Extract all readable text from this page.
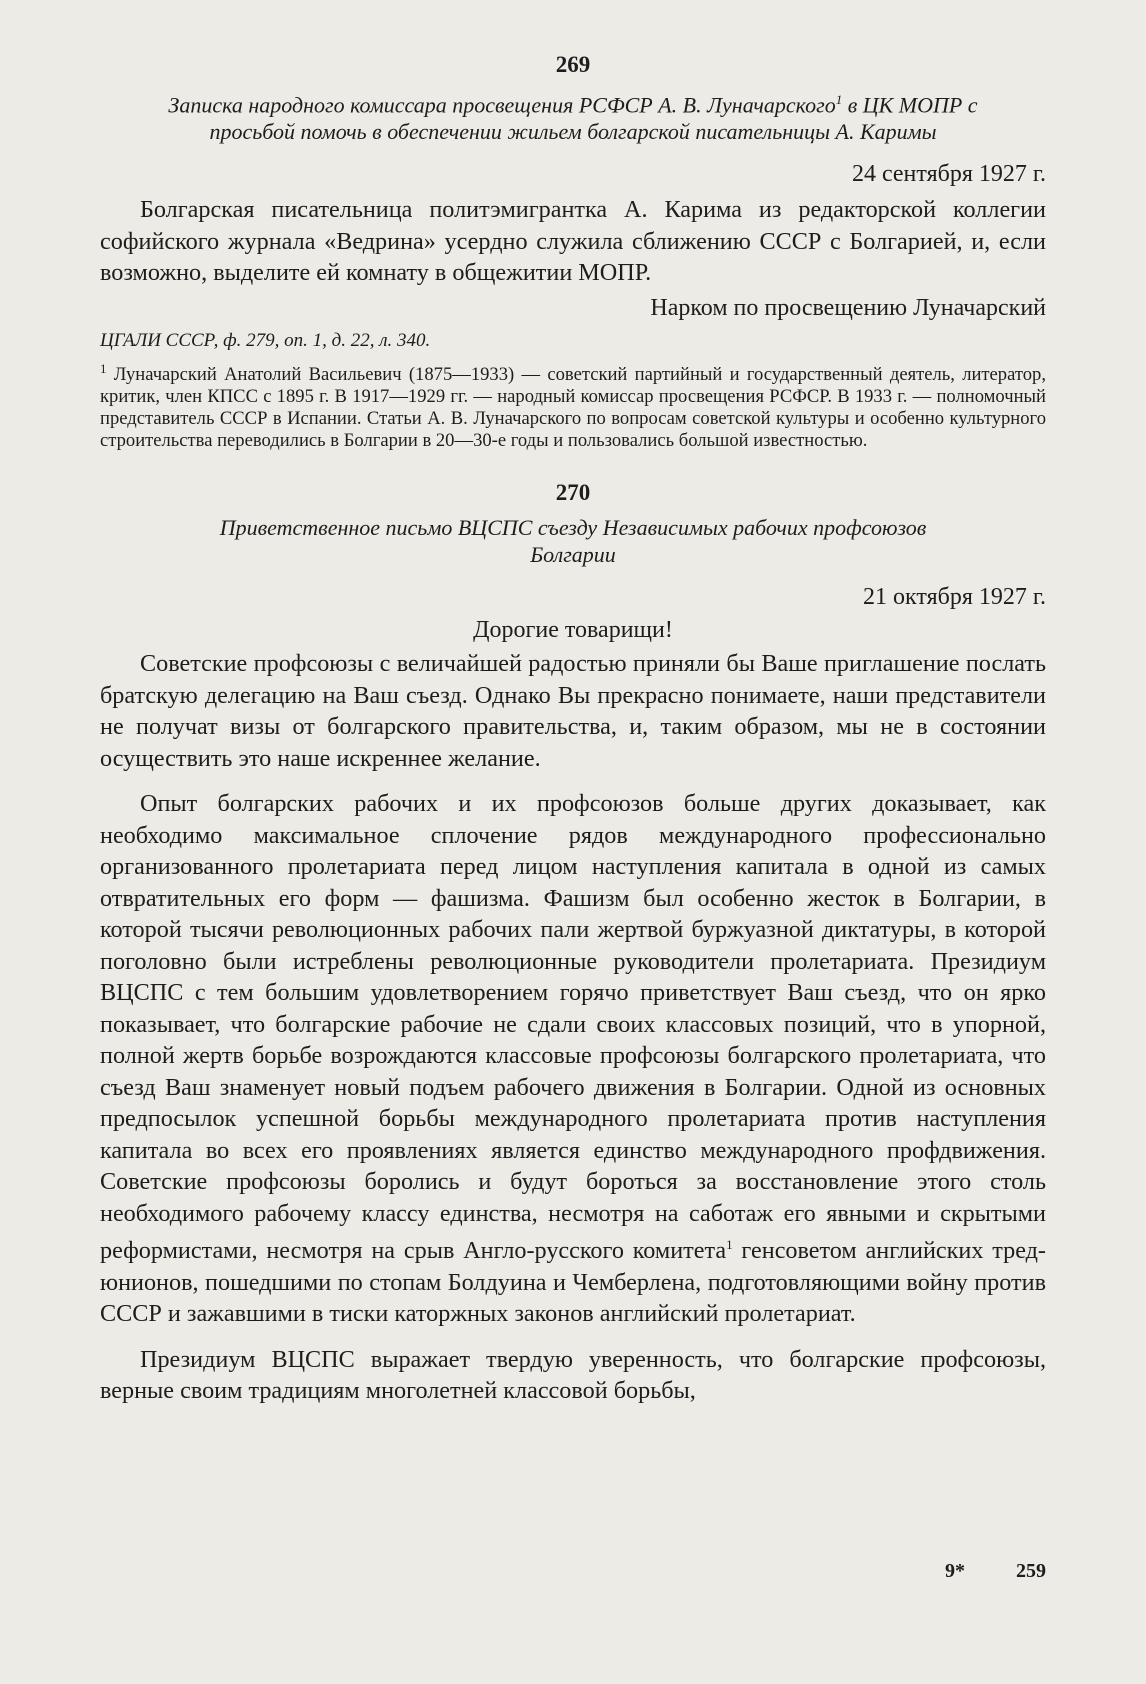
269
Записка народного комиссара просвещения РСФСР А. В. Луначарского$^1$ в ЦК МОПР с просьбой помочь в обеспечении жильем болгарской писательницы А. Каримы
24 сентября 1927 г.

Болгарская писательница политэмигрантка А. Карима из редакторской коллегии софийского журнала «Ведрина» усердно служила сближению СССР с Болгарией, и, если возможно, выделите ей комнату в общежитии МОПР.

Нарком по просвещению Луначарский
ЦГАЛИ СССР, ф. 279, оп. 1, д. 22, л. 340.

$^1$ Луначарский Анатолий Васильевич (1875—1933) — советский партийный и государственный деятель, литератор, критик, член КПСС с 1895 г. В 1917—1929 гг. — народный комиссар просвещения РСФСР. В 1933 г. — полномочный представитель СССР в Испании. Статьи А. В. Луначарского по вопросам советской культуры и особенно культурного строительства переводились в Болгарии в 20—30-е годы и пользовались большой известностью.

270
Приветственное письмо ВЦСПС съезду Независимых рабочих профсоюзов Болгарии
21 октября 1927 г.
Дорогие товарищи!

Советские профсоюзы с величайшей радостью приняли бы Ваше приглашение послать братскую делегацию на Ваш съезд. Однако Вы прекрасно понимаете, наши представители не получат визы от болгарского правительства, и, таким образом, мы не в состоянии осуществить это наше искреннее желание.

Опыт болгарских рабочих и их профсоюзов больше других доказывает, как необходимо максимальное сплочение рядов международного профессионально организованного пролетариата перед лицом наступления капитала в одной из самых отвратительных его форм — фашизма. Фашизм был особенно жесток в Болгарии, в которой тысячи революционных рабочих пали жертвой буржуазной диктатуры, в которой поголовно были истреблены революционные руководители пролетариата. Президиум ВЦСПС с тем большим удовлетворением горячо приветствует Ваш съезд, что он ярко показывает, что болгарские рабочие не сдали своих классовых позиций, что в упорной, полной жертв борьбе возрождаются классовые профсоюзы болгарского пролетариата, что съезд Ваш знаменует новый подъем рабочего движения в Болгарии. Одной из основных предпосылок успешной борьбы международного пролетариата против наступления капитала во всех его проявлениях является единство международного профдвижения. Советские профсоюзы боролись и будут бороться за восстановление этого столь необходимого рабочему классу единства, несмотря на саботаж его явными и скрытыми реформистами, несмотря на срыв Англо-русского комитета$^1$ генсоветом английских тред-юнионов, пошедшими по стопам Болдуина и Чемберлена, подготовляющими войну против СССР и зажавшими в тиски каторжных законов английский пролетариат.

Президиум ВЦСПС выражает твердую уверенность, что болгарские профсоюзы, верные своим традициям многолетней классовой борьбы,

9*	259
